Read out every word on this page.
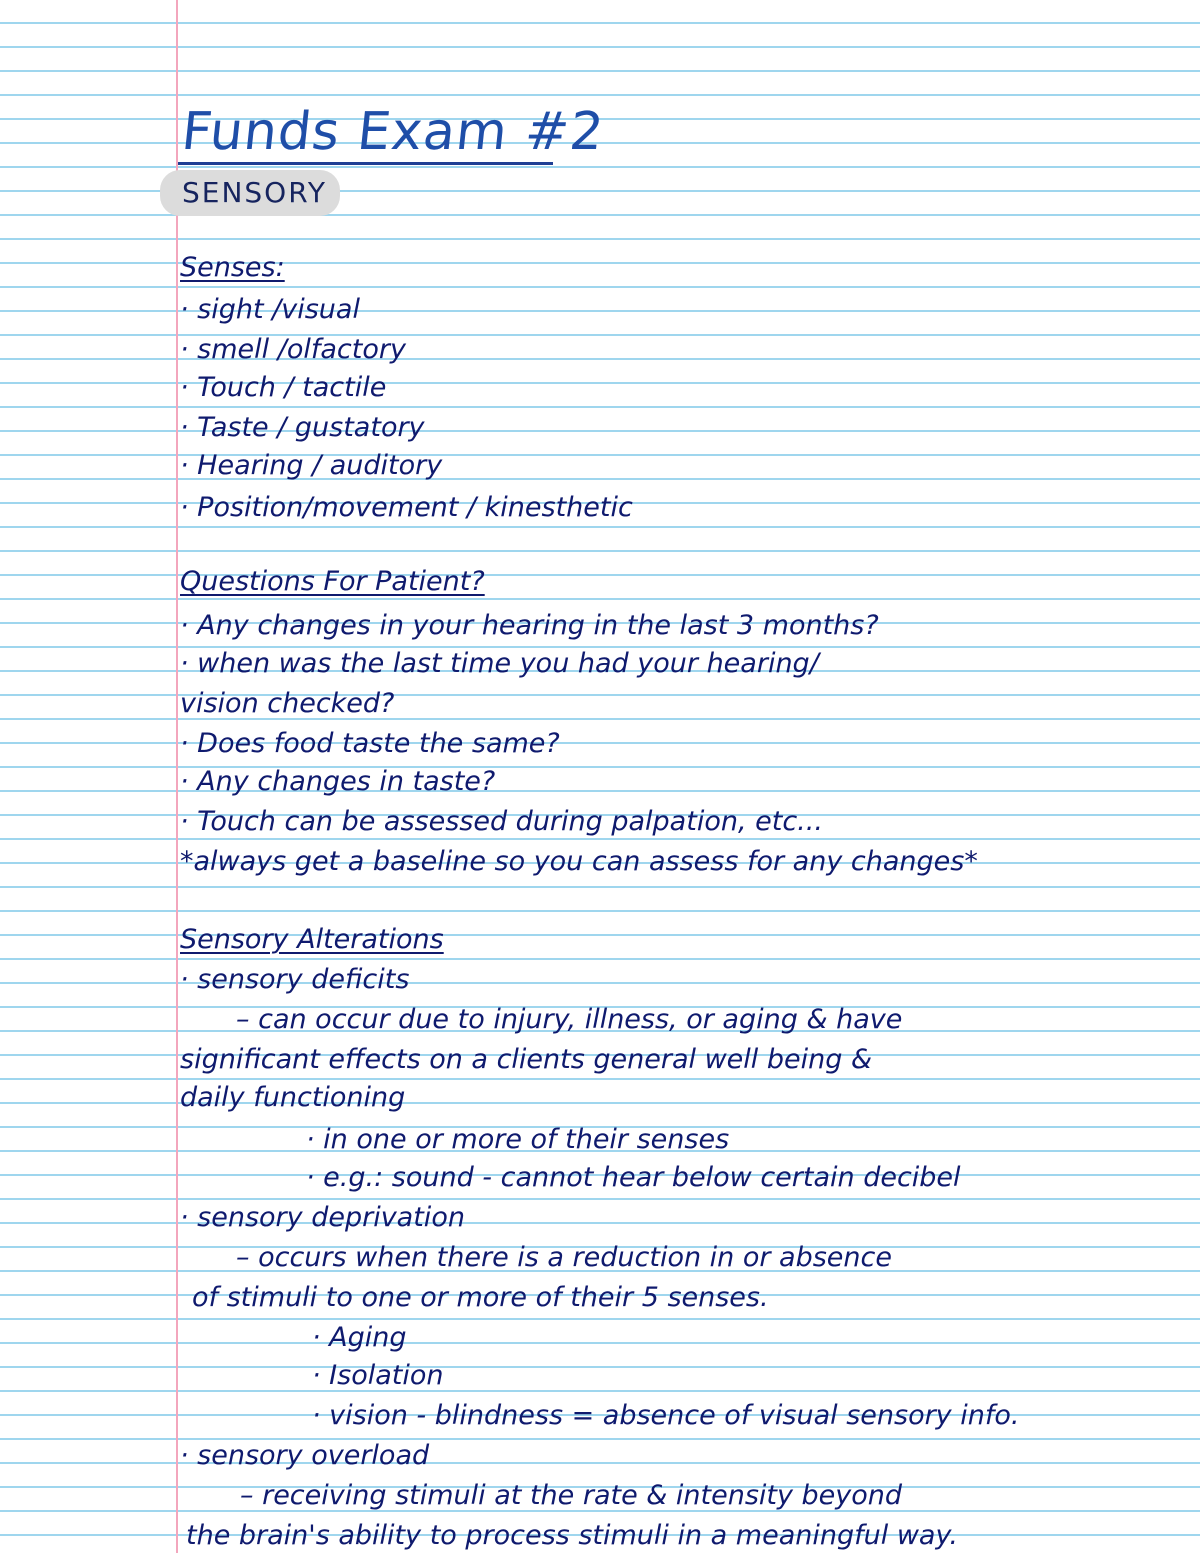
Funds Exam #2
SENSORY
Senses:
· sight /visual
· smell /olfactory
· Touch / tactile
· Taste / gustatory
· Hearing / auditory
· Position/movement / kinesthetic
Questions For Patient?
· Any changes in your hearing in the last 3 months?
· when was the last time you had your hearing/
vision checked?
· Does food taste the same?
· Any changes in taste?
· Touch can be assessed during palpation, etc...
*always get a baseline so you can assess for any changes*
Sensory Alterations
· sensory deficits
– can occur due to injury, illness, or aging & have
significant effects on a clients general well being &
daily functioning
· in one or more of their senses
· e.g.: sound - cannot hear below certain decibel
· sensory deprivation
– occurs when there is a reduction in or absence
of stimuli to one or more of their 5 senses.
· Aging
· Isolation
· vision - blindness = absence of visual sensory info.
· sensory overload
– receiving stimuli at the rate & intensity beyond
the brain's ability to process stimuli in a meaningful way.
